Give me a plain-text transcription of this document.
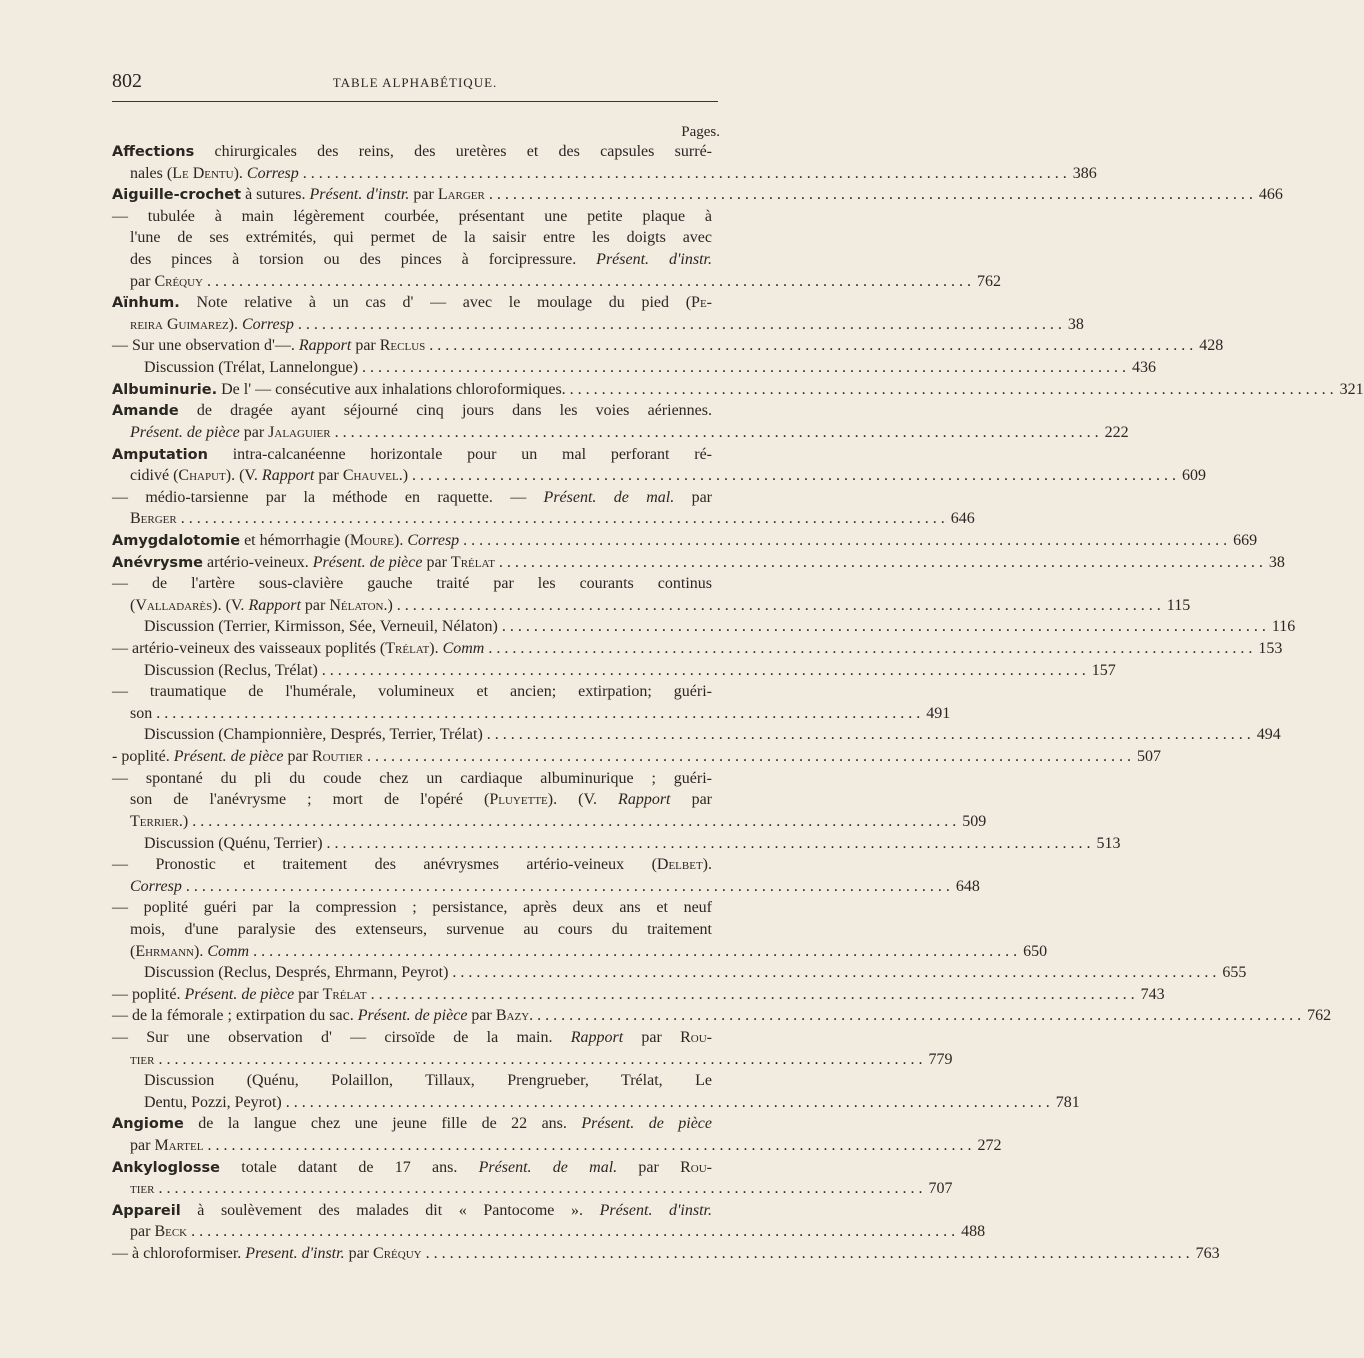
802	TABLE ALPHABÉTIQUE.
Pages.
Affections chirurgicales des reins, des uretères et des capsules surré-
nales (Le Dentu). Corresp . . .	386
Aiguille-crochet à sutures. Présent. d'instr. par Larger . . .	466
— tubulée à main légèrement courbée, présentant une petite plaque à
l'une de ses extrémités, qui permet de la saisir entre les doigts avec
des pinces à torsion ou des pinces à forcipressure. Présent. d'instr.
par Créquy . . .	762
Aïnhum. Note relative à un cas d' — avec le moulage du pied (Pe-
reira Guimarez). Corresp . . .	38
— Sur une observation d'—. Rapport par Reclus . . .	428
Discussion (Trélat, Lannelongue) . . .	436
Albuminurie. De l' — consécutive aux inhalations chloroformiques. . . .	321
Amande de dragée ayant séjourné cinq jours dans les voies aériennes.
Présent. de pièce par Jalaguier . . .	222
Amputation intra-calcanéenne horizontale pour un mal perforant ré-
cidivé (Chaput). (V. Rapport par Chauvel.) . . .	609
— médio-tarsienne par la méthode en raquette. — Présent. de mal. par
Berger . . .	646
Amygdalotomie et hémorrhagie (Moure). Corresp . . .	669
Anévrysme artério-veineux. Présent. de pièce par Trélat . . .	38
— de l'artère sous-clavière gauche traité par les courants continus
(Valladarès). (V. Rapport par Nélaton.) . . .	115
Discussion (Terrier, Kirmisson, Sée, Verneuil, Nélaton) . . .	116
— artério-veineux des vaisseaux poplités (Trélat). Comm . . .	153
Discussion (Reclus, Trélat) . . .	157
— traumatique de l'humérale, volumineux et ancien; extirpation; guéri-
son . . .	491
Discussion (Championnière, Després, Terrier, Trélat) . . .	494
- poplité. Présent. de pièce par Routier . . .	507
— spontané du pli du coude chez un cardiaque albuminurique ; guéri-
son de l'anévrysme ; mort de l'opéré (Pluyette). (V. Rapport par
Terrier.) . . .	509
Discussion (Quénu, Terrier) . . .	513
— Pronostic et traitement des anévrysmes artério-veineux (Delbet).
Corresp . . .	648
— poplité guéri par la compression ; persistance, après deux ans et neuf
mois, d'une paralysie des extenseurs, survenue au cours du traitement
(Ehrmann). Comm . . .	650
Discussion (Reclus, Després, Ehrmann, Peyrot) . . .	655
— poplité. Présent. de pièce par Trélat . . .	743
— de la fémorale ; extirpation du sac. Présent. de pièce par Bazy. . . .	762
— Sur une observation d' — cirsoïde de la main. Rapport par Rou-
tier . . .	779
Discussion (Quénu, Polaillon, Tillaux, Prengrueber, Trélat, Le
Dentu, Pozzi, Peyrot) . . .	781
Angiome de la langue chez une jeune fille de 22 ans. Présent. de pièce
par Martel . . .	272
Ankyloglosse totale datant de 17 ans. Présent. de mal. par Rou-
tier . . .	707
Appareil à soulèvement des malades dit « Pantocome ». Présent. d'instr.
par Beck . . .	488
— à chloroformiser. Present. d'instr. par Créquy . . .	763
